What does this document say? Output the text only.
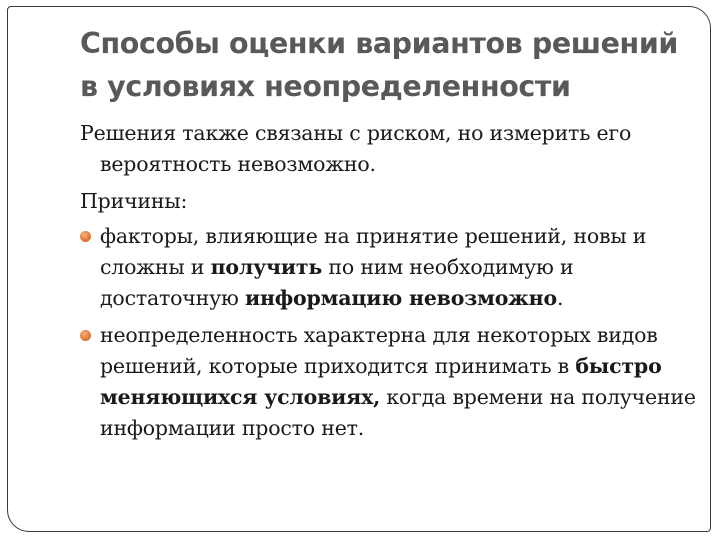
Способы оценки вариантов решений
в условиях неопределенности

Решения также связаны с риском, но измерить его вероятность невозможно.

Причины:

факторы, влияющие на принятие решений, новы и сложны и получить по ним необходимую и достаточную информацию невозможно.
неопределенность характерна для некоторых видов решений, которые приходится принимать в быстро меняющихся условиях, когда времени на получение информации просто нет.
